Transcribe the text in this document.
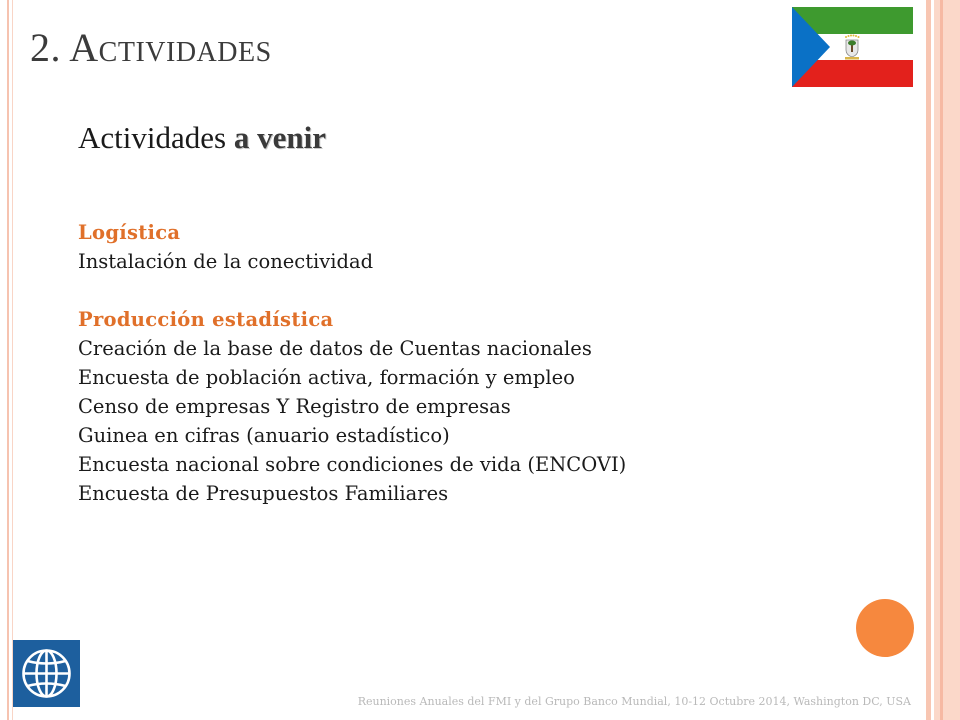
2. Actividades
Actividades a venir
Logística
Instalación de la conectividad
Producción estadística
Creación de la base de datos de Cuentas nacionales
Encuesta de población activa, formación y empleo
Censo de empresas Y Registro de empresas
Guinea en cifras (anuario estadístico)
Encuesta nacional sobre condiciones de vida (ENCOVI)
Encuesta de Presupuestos Familiares
Reuniones Anuales del FMI y del Grupo Banco Mundial, 10-12 Octubre 2014, Washington DC, USA
